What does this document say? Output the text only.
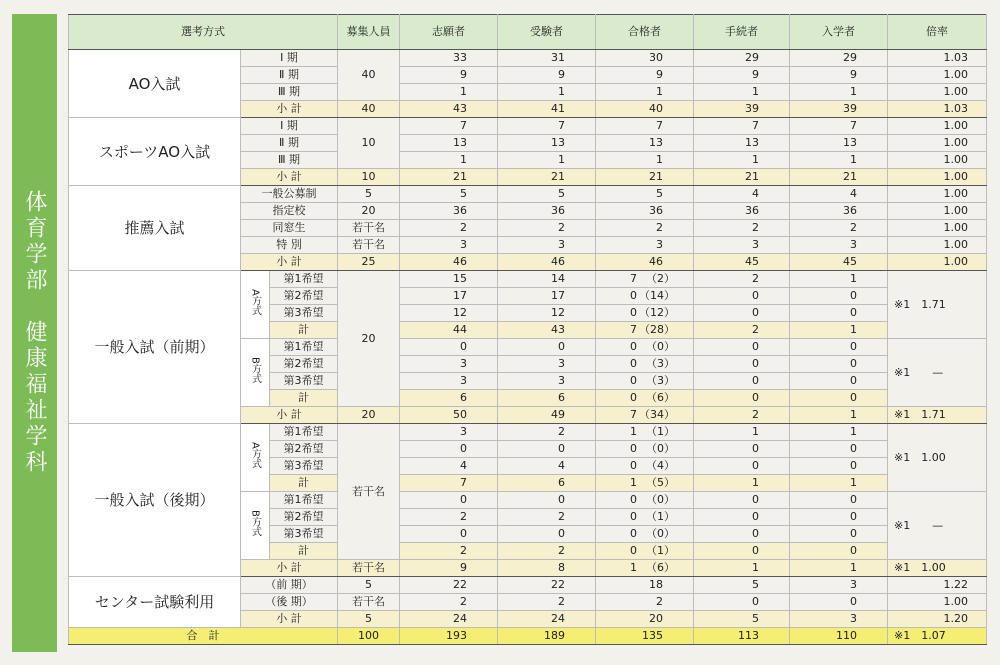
体育学部　健康福祉学科
選考方式			募集人員	志願者	受験者	合格者	手続者	入学者	倍率
AO入試	Ⅰ 期		40	33	31	30	29	29	1.03
	Ⅱ 期			9	9	9	9	9	1.00
	Ⅲ 期			1	1	1	1	1	1.00
	小 計		40	43	41	40	39	39	1.03
スポーツAO入試	Ⅰ 期		10	7	7	7	7	7	1.00
	Ⅱ 期			13	13	13	13	13	1.00
	Ⅲ 期			1	1	1	1	1	1.00
	小 計		10	21	21	21	21	21	1.00
推薦入試	一般公募制		5	5	5	5	4	4	1.00
	指定校		20	36	36	36	36	36	1.00
	同窓生		若干名	2	2	2	2	2	1.00
	特 別		若干名	3	3	3	3	3	1.00
	小 計		25	46	46	46	45	45	1.00
一般入試（前期）	A方式	第1希望	20	15	14	7 （2）	2	1	※1　1.71
		第2希望		17	17	0 （14）	0	0	
		第3希望		12	12	0 （12）	0	0	
		計		44	43	7 （28）	2	1	
	B方式	第1希望		0	0	0 （0）	0	0	※1　　—
		第2希望		3	3	0 （3）	0	0	
		第3希望		3	3	0 （3）	0	0	
		計		6	6	0 （6）	0	0	
	小 計		20	50	49	7 （34）	2	1	※1　1.71
一般入試（後期）	A方式	第1希望	若干名	3	2	1 （1）	1	1	※1　1.00
		第2希望		0	0	0 （0）	0	0	
		第3希望		4	4	0 （4）	0	0	
		計		7	6	1 （5）	1	1	
	B方式	第1希望		0	0	0 （0）	0	0	※1　　—
		第2希望		2	2	0 （1）	0	0	
		第3希望		0	0	0 （0）	0	0	
		計		2	2	0 （1）	0	0	
	小 計		若干名	9	8	1 （6）	1	1	※1　1.00
センター試験利用	（前 期）		5	22	22	18	5	3	1.22
	（後 期）		若干名	2	2	2	0	0	1.00
	小 計		5	24	24	20	5	3	1.20
合　計			100	193	189	135	113	110	※1　1.07
